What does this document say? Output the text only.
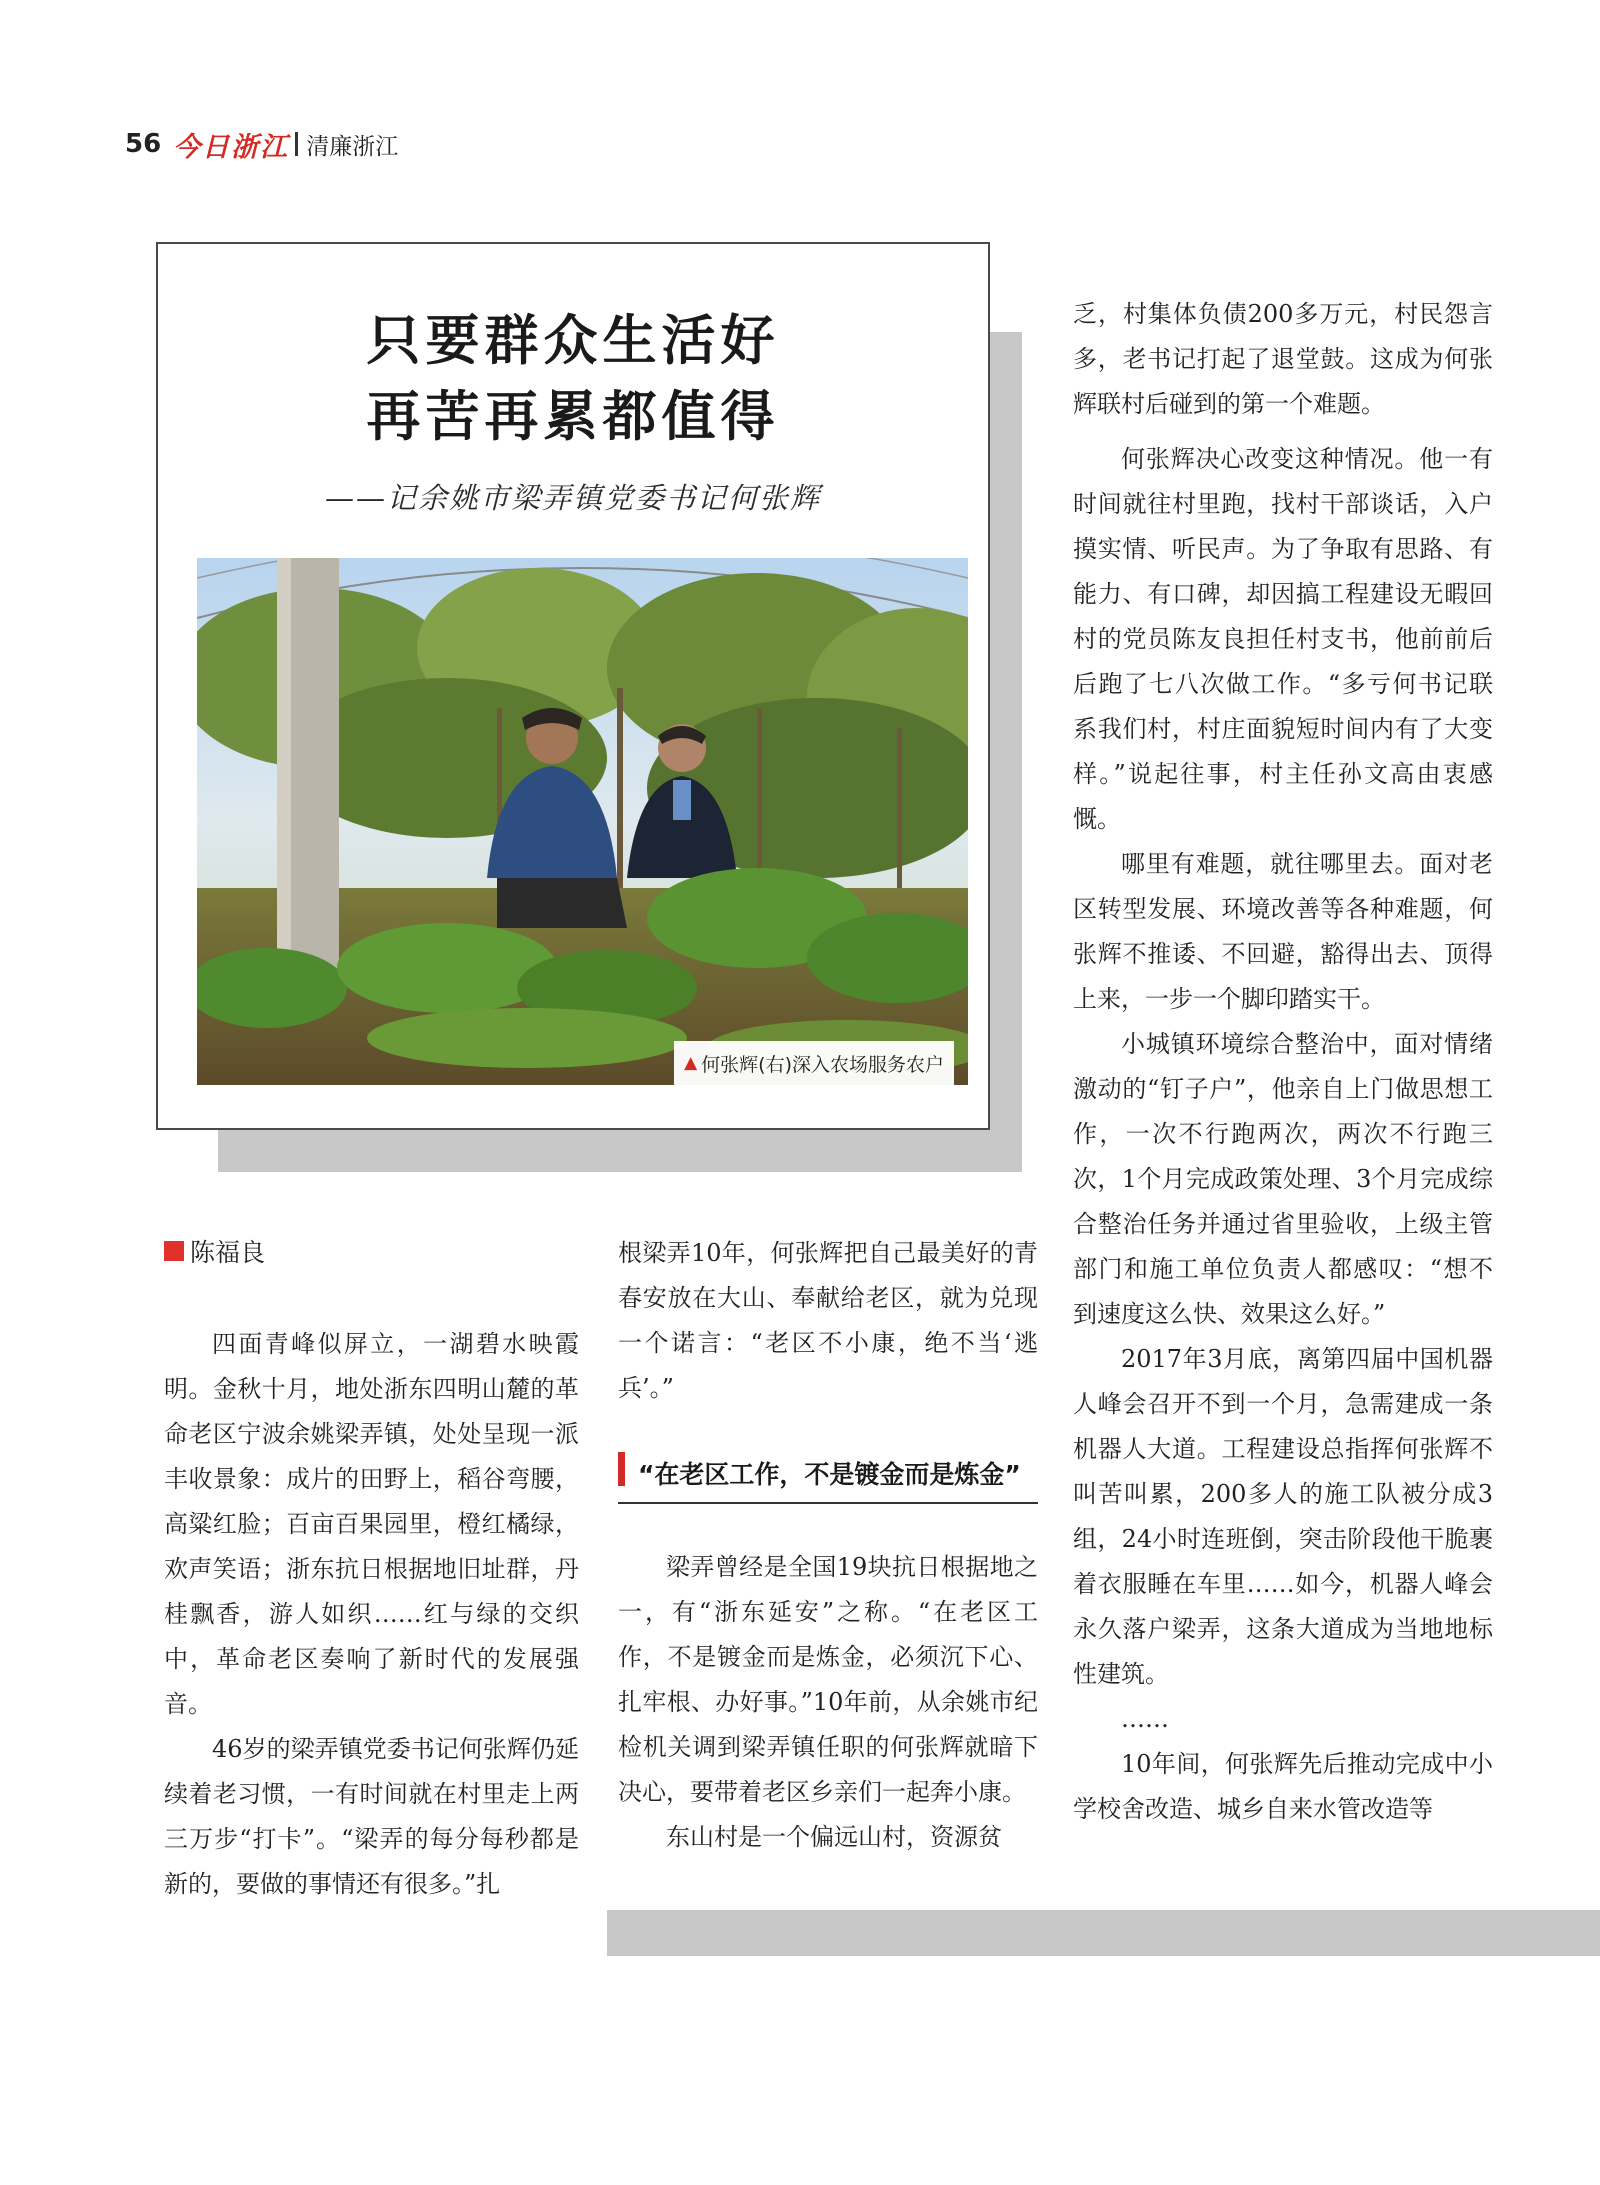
56 今日浙江 清廉浙江
只要群众生活好
再苦再累都值得
——记余姚市梁弄镇党委书记何张辉
▲ 何张辉(右)深入农场服务农户
陈福良

四面青峰似屏立，一湖碧水映霞明。金秋十月，地处浙东四明山麓的革命老区宁波余姚梁弄镇，处处呈现一派丰收景象：成片的田野上，稻谷弯腰，高粱红脸；百亩百果园里，橙红橘绿，欢声笑语；浙东抗日根据地旧址群，丹桂飘香，游人如织……红与绿的交织中，革命老区奏响了新时代的发展强音。

46岁的梁弄镇党委书记何张辉仍延续着老习惯，一有时间就在村里走上两三万步“打卡”。“梁弄的每分每秒都是新的，要做的事情还有很多。”扎

根梁弄10年，何张辉把自己最美好的青春安放在大山、奉献给老区，就为兑现一个诺言：“老区不小康，绝不当‘逃兵’。”

“在老区工作，不是镀金而是炼金”

梁弄曾经是全国19块抗日根据地之一，有“浙东延安”之称。“在老区工作，不是镀金而是炼金，必须沉下心、扎牢根、办好事。”10年前，从余姚市纪检机关调到梁弄镇任职的何张辉就暗下决心，要带着老区乡亲们一起奔小康。

东山村是一个偏远山村，资源贫

乏，村集体负债200多万元，村民怨言多，老书记打起了退堂鼓。这成为何张辉联村后碰到的第一个难题。

何张辉决心改变这种情况。他一有时间就往村里跑，找村干部谈话，入户摸实情、听民声。为了争取有思路、有能力、有口碑，却因搞工程建设无暇回村的党员陈友良担任村支书，他前前后后跑了七八次做工作。“多亏何书记联系我们村，村庄面貌短时间内有了大变样。”说起往事，村主任孙文高由衷感慨。

哪里有难题，就往哪里去。面对老区转型发展、环境改善等各种难题，何张辉不推诿、不回避，豁得出去、顶得上来，一步一个脚印踏实干。

小城镇环境综合整治中，面对情绪激动的“钉子户”，他亲自上门做思想工作，一次不行跑两次，两次不行跑三次，1个月完成政策处理、3个月完成综合整治任务并通过省里验收，上级主管部门和施工单位负责人都感叹：“想不到速度这么快、效果这么好。”

2017年3月底，离第四届中国机器人峰会召开不到一个月，急需建成一条机器人大道。工程建设总指挥何张辉不叫苦叫累，200多人的施工队被分成3组，24小时连班倒，突击阶段他干脆裹着衣服睡在车里……如今，机器人峰会永久落户梁弄，这条大道成为当地地标性建筑。

……

10年间，何张辉先后推动完成中小学校舍改造、城乡自来水管改造等
